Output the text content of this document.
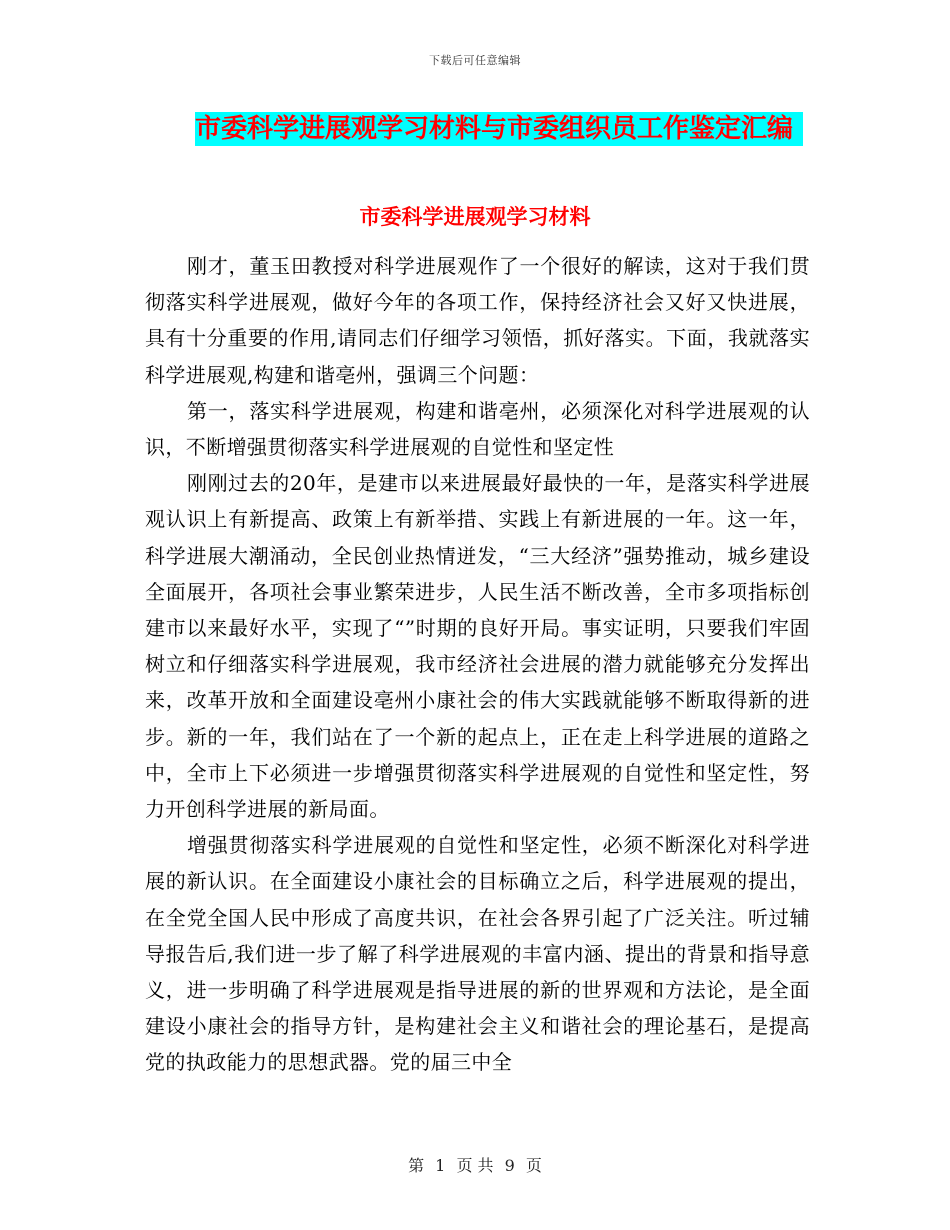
下载后可任意编辑
市委科学进展观学习材料与市委组织员工作鉴定汇编
市委科学进展观学习材料

刚才，董玉田教授对科学进展观作了一个很好的解读，这对于我们贯彻落实科学进展观，做好今年的各项工作，保持经济社会又好又快进展，具有十分重要的作用,请同志们仔细学习领悟，抓好落实。下面，我就落实科学进展观,构建和谐亳州，强调三个问题：

第一，落实科学进展观，构建和谐亳州，必须深化对科学进展观的认识，不断增强贯彻落实科学进展观的自觉性和坚定性

刚刚过去的20年，是建市以来进展最好最快的一年，是落实科学进展观认识上有新提高、政策上有新举措、实践上有新进展的一年。这一年，科学进展大潮涌动，全民创业热情迸发，“三大经济”强势推动，城乡建设全面展开，各项社会事业繁荣进步，人民生活不断改善，全市多项指标创建市以来最好水平，实现了“”时期的良好开局。事实证明，只要我们牢固树立和仔细落实科学进展观，我市经济社会进展的潜力就能够充分发挥出来，改革开放和全面建设亳州小康社会的伟大实践就能够不断取得新的进步。新的一年，我们站在了一个新的起点上，正在走上科学进展的道路之中，全市上下必须进一步增强贯彻落实科学进展观的自觉性和坚定性，努力开创科学进展的新局面。

增强贯彻落实科学进展观的自觉性和坚定性，必须不断深化对科学进展的新认识。在全面建设小康社会的目标确立之后，科学进展观的提出，在全党全国人民中形成了高度共识，在社会各界引起了广泛关注。听过辅导报告后,我们进一步了解了科学进展观的丰富内涵、提出的背景和指导意义，进一步明确了科学进展观是指导进展的新的世界观和方法论，是全面建设小康社会的指导方针，是构建社会主义和谐社会的理论基石，是提高党的执政能力的思想武器。党的届三中全

第 1 页 共 9 页
